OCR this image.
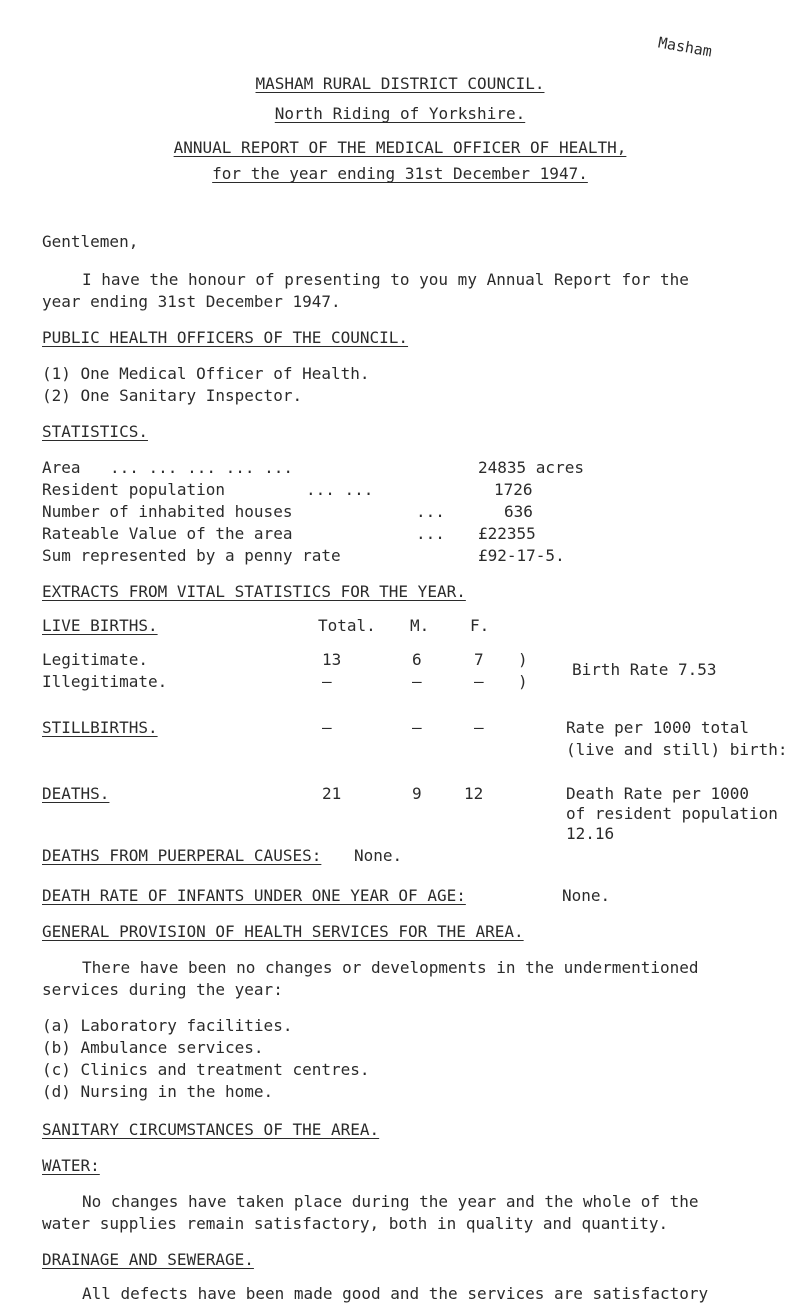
Masham
MASHAM RURAL DISTRICT COUNCIL.
North Riding of Yorkshire.
ANNUAL REPORT OF THE MEDICAL OFFICER OF HEALTH,
for the year ending 31st December 1947.
Gentlemen,
I have the honour of presenting to you my Annual Report for the
year ending 31st December 1947.
PUBLIC HEALTH OFFICERS OF THE COUNCIL.
(1) One Medical Officer of Health.
(2) One Sanitary Inspector.
STATISTICS.
Area ... ... ... ... ...	24835 acres
Resident population	... ...	1726
Number of inhabited houses	...	636
Rateable Value of the area	... £22355
Sum represented by a penny rate	£92-17-5.
EXTRACTS FROM VITAL STATISTICS FOR THE YEAR.
LIVE BIRTHS.	Total. M.	F.
Legitimate.	13	6	7 )
Illegitimate.	—	—	— )
Birth Rate 7.53
STILLBIRTHS.	—	—	—	Rate per 1000 total
(live and still) birth:
DEATHS.	21	9	12	Death Rate per 1000
of resident population
12.16
DEATHS FROM PUERPERAL CAUSES: None.
DEATH RATE OF INFANTS UNDER ONE YEAR OF AGE:	None.
GENERAL PROVISION OF HEALTH SERVICES FOR THE AREA.
There have been no changes or developments in the undermentioned
services during the year:
(a) Laboratory facilities.
(b) Ambulance services.
(c) Clinics and treatment centres.
(d) Nursing in the home.
SANITARY CIRCUMSTANCES OF THE AREA.
WATER:
No changes have taken place during the year and the whole of the
water supplies remain satisfactory, both in quality and quantity.
DRAINAGE AND SEWERAGE.
All defects have been made good and the services are satisfactory
